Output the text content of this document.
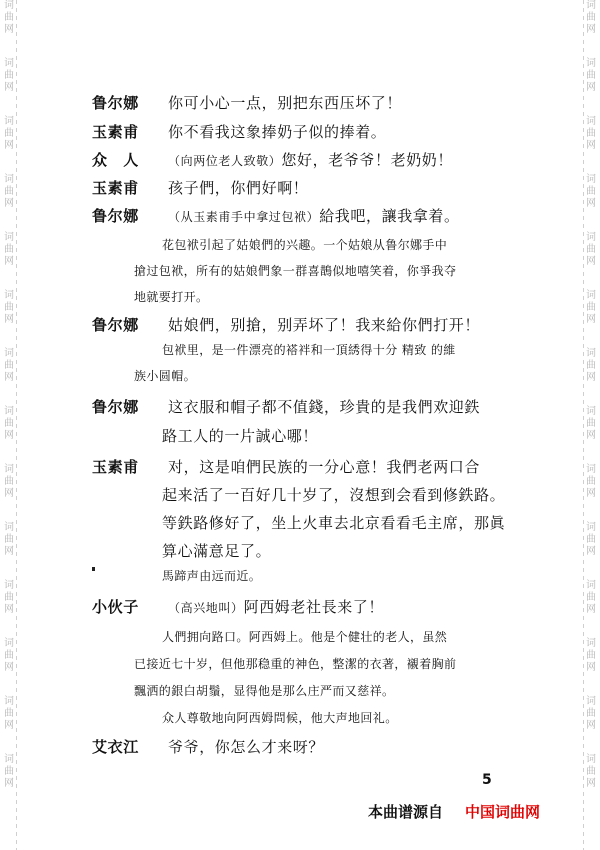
词
曲
网
词
曲
网
词
曲
网
词
曲
网
词
曲
网
词
曲
网
词
曲
网
词
曲
网
词
曲
网
词
曲
网
词
曲
网
词
曲
网
词
曲
网
词
曲
网
词
曲
网
词
曲
网
词
曲
网
词
曲
网
词
曲
网
词
曲
网
词
曲
网
词
曲
网
词
曲
网
词
曲
网
词
曲
网
词
曲
网
词
曲
网
词
曲
网
鲁尔娜 你可小心一点，别把东西压坏了！
玉素甫 你不看我这象捧奶子似的捧着。
众　人 （向两位老人致敬）您好，老爷爷！老奶奶！
玉素甫 孩子們，你們好啊！
鲁尔娜 （从玉素甫手中拿过包袱）給我吧，讓我拿着。
花包袱引起了姑娘們的兴趣。一个姑娘从鲁尔娜手中
搶过包袱，所有的姑娘們象一群喜鵲似地嘻笑着，你爭我夺
地就要打开。
鲁尔娜 姑娘們，别搶，别弄坏了！我来給你們打开！
包袱里，是一件漂亮的褡袢和一頂綉得十分 精致 的維
族小圆帽。
鲁尔娜 这衣服和帽子都不值錢，珍貴的是我們欢迎鉄
路工人的一片誠心哪！
玉素甫 对，这是咱們民族的一分心意！我們老两口合
起来活了一百好几十岁了，沒想到会看到修鉄路。
等鉄路修好了，坐上火車去北京看看毛主席，那眞
算心滿意足了。
馬蹄声由远而近。
小伙子 （高兴地叫）阿西姆老社長来了！
人們拥向路口。阿西姆上。他是个健壮的老人，虽然
已接近七十岁，但他那稳重的神色，整潔的衣著，襯着胸前
飄洒的銀白胡鬚，显得他是那么庄严而又慈祥。
众人尊敬地向阿西姆問候，他大声地回礼。
艾衣江 爷爷，你怎么才来呀？
5
本曲谱源自 中国词曲网
